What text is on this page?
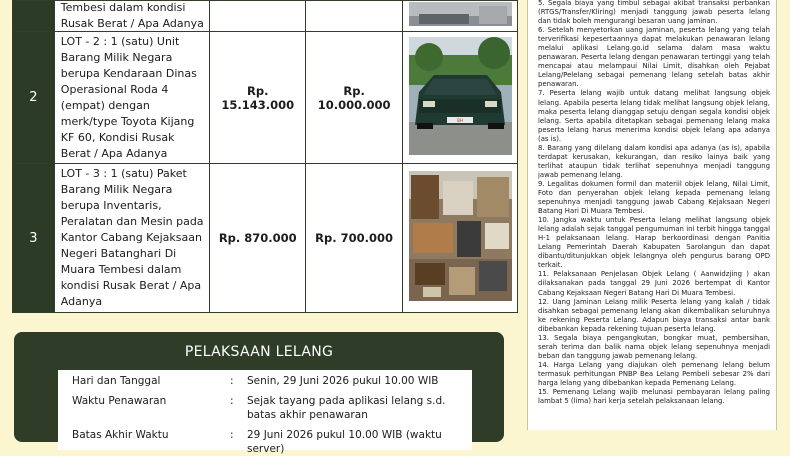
	Tembesi dalam kondisi Rusak Berat / Apa Adanya

2	LOT - 2 : 1 (satu) Unit Barang Milik Negara berupa Kendaraan Dinas Operasional Roda 4 (empat) dengan merk/type Toyota Kijang KF 60, Kondisi Rusak Berat / Apa Adanya	Rp. 15.143.000	Rp. 10.000.000	BH

3	LOT - 3 : 1 (satu) Paket Barang Milik Negara berupa Inventaris, Peralatan dan Mesin pada Kantor Cabang Kejaksaan Negeri Batanghari Di Muara Tembesi dalam kondisi Rusak Berat / Apa Adanya	Rp. 870.000	Rp. 700.000	
PELAKSAAN LELANG
Hari dan Tanggal	: Senin, 29 Juni 2026 pukul 10.00 WIB
Waktu Penawaran	: Sejak tayang pada aplikasi lelang s.d. batas akhir penawaran
Batas Akhir Waktu	: 29 Juni 2026 pukul 10.00 WIB (waktu server)

5. Segala biaya yang timbul sebagai akibat transaksi perbankan (RTGS/Transfer/Kliring) menjadi tanggung jawab peserta lelang dan tidak boleh mengurangi besaran uang jaminan.

6. Setelah menyetorkan uang jaminan, peserta lelang yang telah terverifikasi kepesertaannya dapat melakukan penawaran lelang melalui aplikasi Lelang.go.id selama dalam masa waktu penawaran. Peserta lelang dengan penawaran tertinggi yang telah mencapai atau melampaui Nilai Limit, disahkan oleh Pejabat Lelang/Pelelang sebagai pemenang lelang setelah batas akhir penawaran.

7. Peserta lelang wajib untuk datang melihat langsung objek lelang. Apabila peserta lelang tidak melihat langsung objek lelang, maka peserta lelang dianggap setuju dengan segala kondisi objek lelang. Serta apabila ditetapkan sebagai pemenang lelang maka peserta lelang harus menerima kondisi objek lelang apa adanya (as is).

8. Barang yang dilelang dalam kondisi apa adanya (as is), apabila terdapat kerusakan, kekurangan, dan resiko lainya baik yang terlihat ataupun tidak terlihat sepenuhnya menjadi tanggung jawab pemenang lelang.

9. Legalitas dokumen formil dan materiil objek lelang, Nilai Limit, Foto dan penyerahan objek lelang kepada pemenang lelang sepenuhnya menjadi tanggung jawab Cabang Kejaksaan Negeri Batang Hari Di Muara Tembesi.

10. Jangka waktu untuk Peserta lelang melihat langsung objek lelang adalah sejak tanggal pengumuman ini terbit hingga tanggal H-1 pelaksanaan lelang. Harap berkoordinasi dengan Panitia Lelang Pemerintah Daerah Kabupaten Sarolangun dan dapat dibantu/ditunjukkan objek lelangnya oleh pengurus barang OPD terkait.

11. Pelaksanaan Penjelasan Objek Lelang ( Aanwidzjing ) akan dilaksanakan pada tanggal 29 Juni 2026 bertempat di Kantor Cabang Kejaksaan Negeri Batang Hari Di Muara Tembesi.

12. Uang Jaminan Lelang milik Peserta lelang yang kalah / tidak disahkan sebagai pemenang lelang akan dikembalikan seluruhnya ke rekening Peserta Lelang. Adapun biaya transaksi antar bank dibebankan kepada rekening tujuan peserta lelang.

13. Segala biaya pengangkutan, bongkar muat, pembersihan, serah terima dan balik nama objek lelang sepenuhnya menjadi beban dan tanggung jawab pemenang lelang.

14. Harga Lelang yang diajukan oleh pemenang lelang belum termasuk perhitungan PNBP Bea Lelang Pembeli sebesar 2% dari harga lelang yang dibebankan kepada Pemenang Lelang.

15. Pemenang Lelang wajib melunasi pembayaran lelang paling lambat 5 (lima) hari kerja setelah pelaksanaan lelang.
